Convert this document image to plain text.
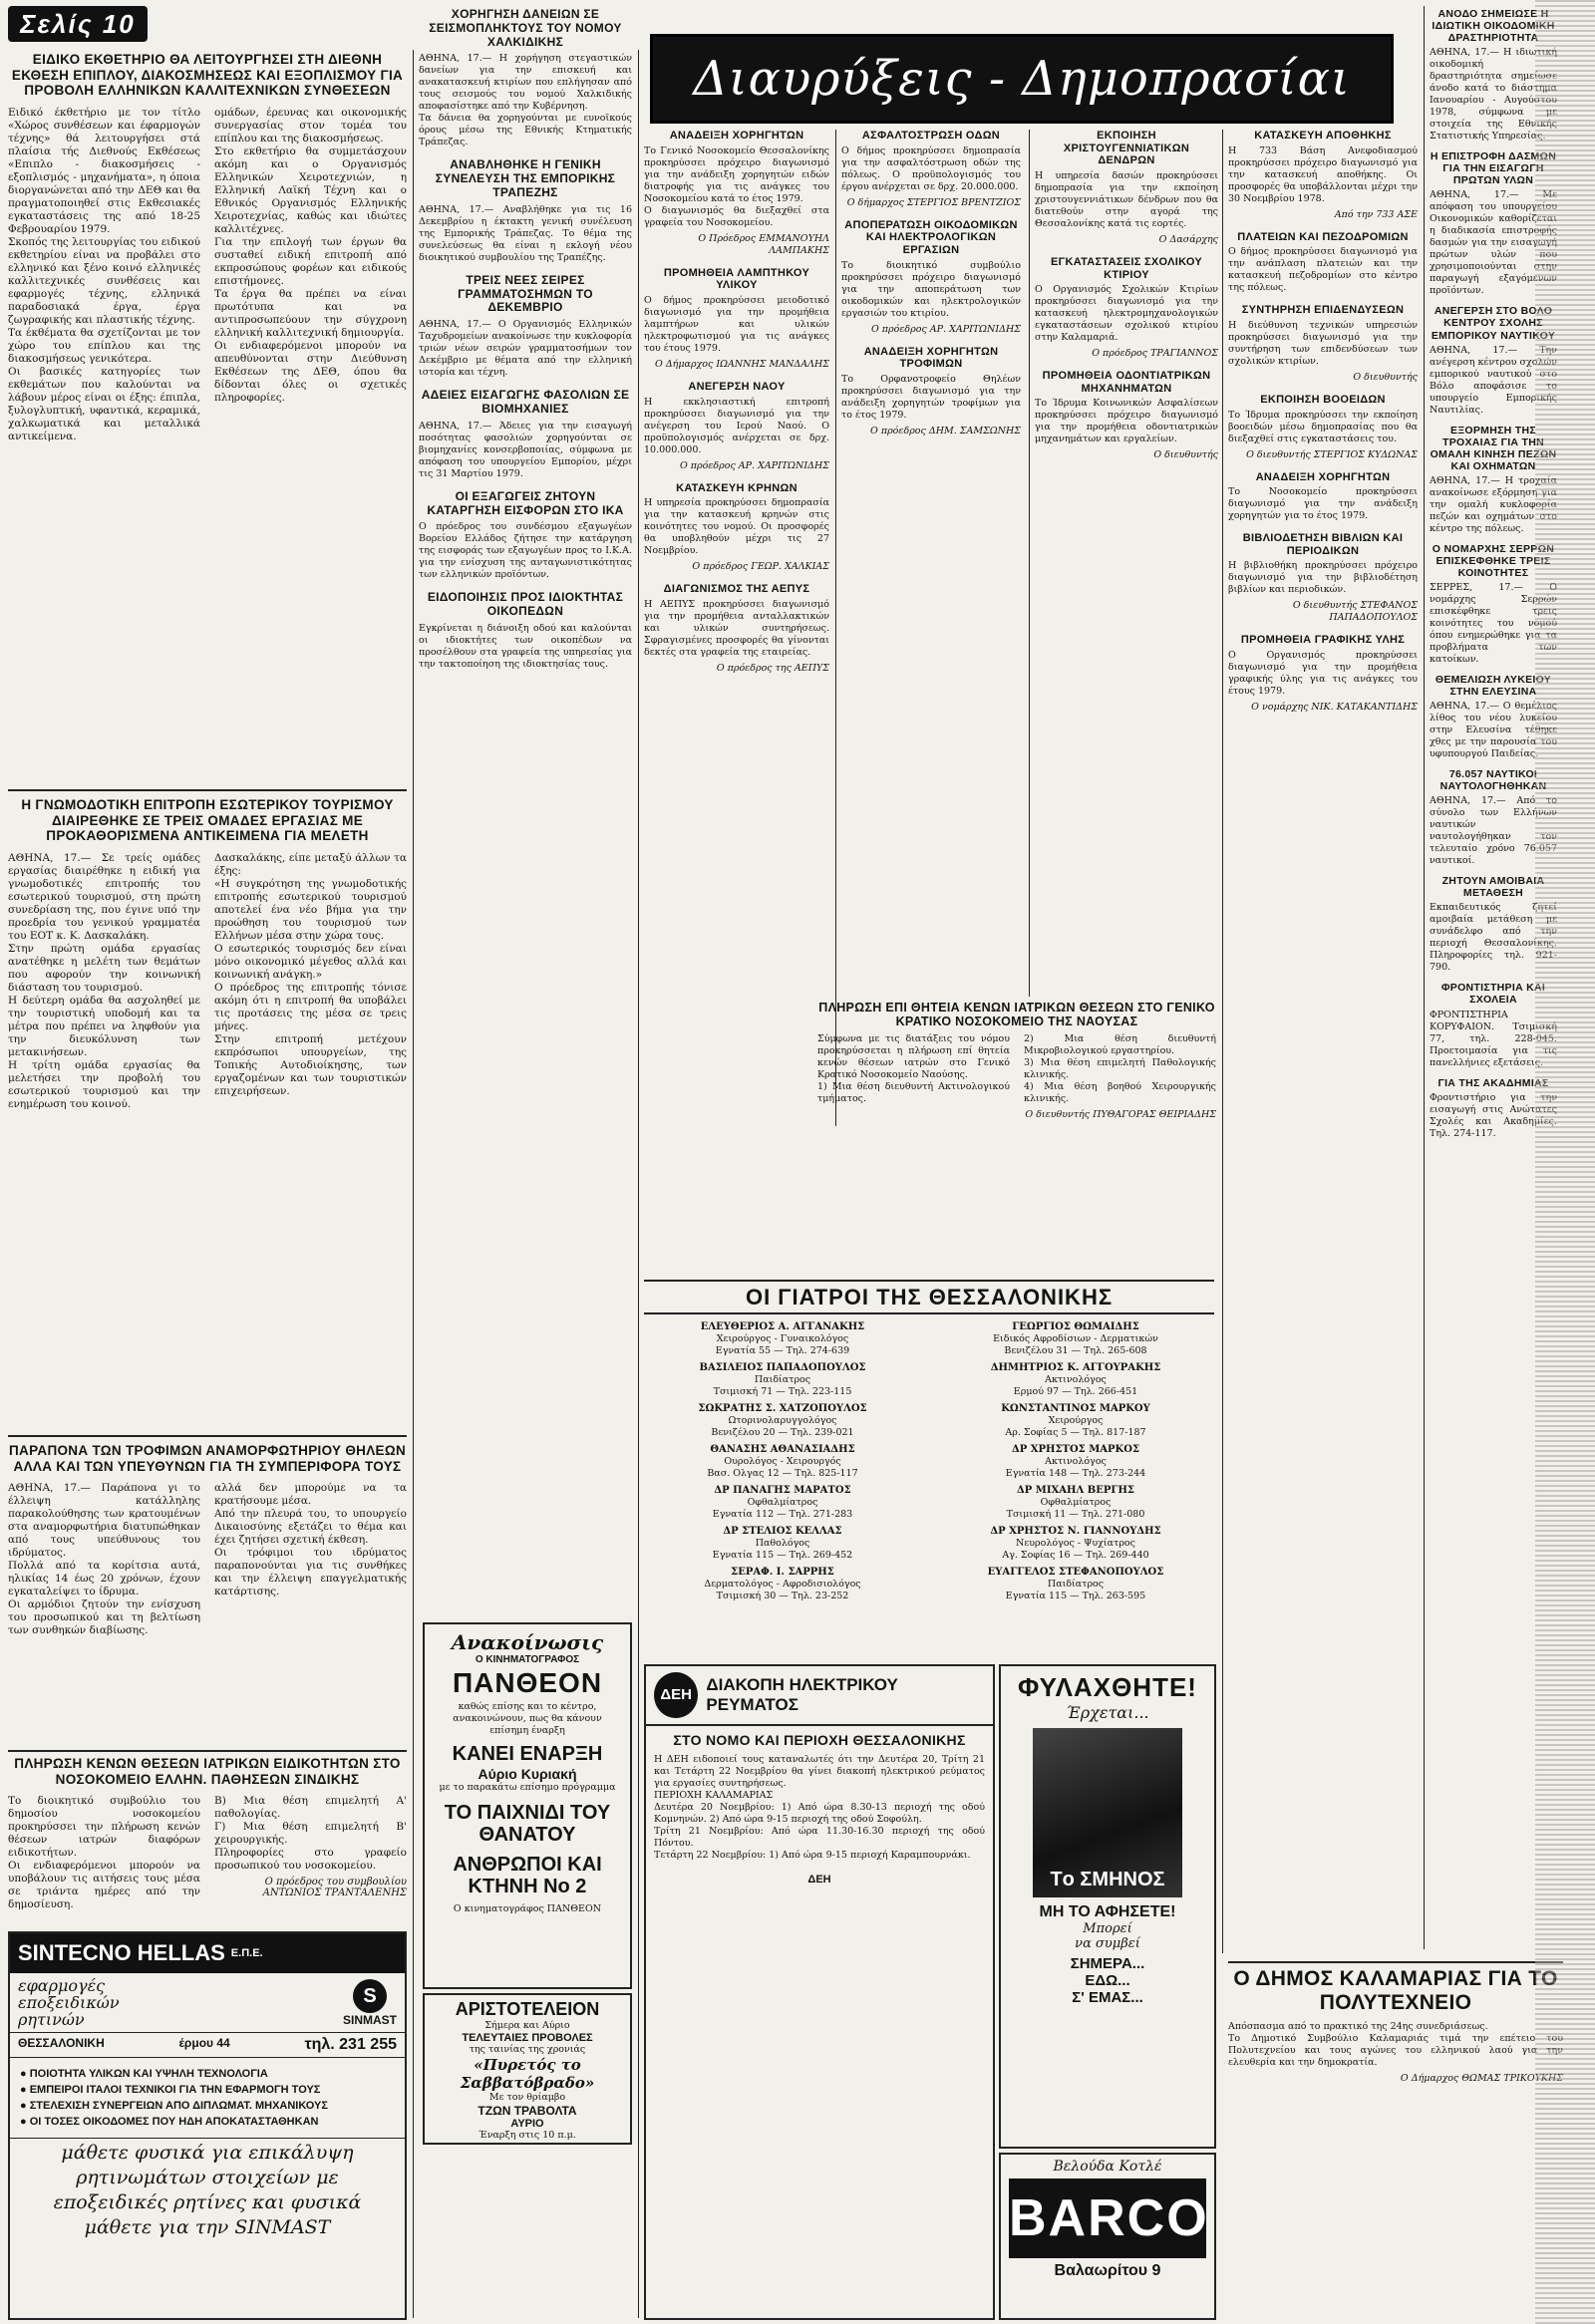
Σελίς 10
Διαυρύξεις - Δημοπρασίαι
ΕΙΔΙΚΟ ΕΚΘΕΤΗΡΙΟ ΘΑ ΛΕΙΤΟΥΡΓΗΣΕΙ ΣΤΗ ΔΙΕΘΝΗ ΕΚΘΕΣΗ ΕΠΙΠΛΟΥ, ΔΙΑΚΟΣΜΗΣΕΩΣ ΚΑΙ ΕΞΟΠΛΙΣΜΟΥ ΓΙΑ ΠΡΟΒΟΛΗ ΕΛΛΗΝΙΚΩΝ ΚΑΛΛΙΤΕΧΝΙΚΩΝ ΣΥΝΘΕΣΕΩΝ
Ειδικό έκθετήριο με τον τίτλο «Χώρος συνθέσεων και έφαρμογών τέχνης» θά λειτουργήσει στά πλαίσια τής Διεθνούς Εκθέσεως «Επιπλο - διακοσμήσεις - εξοπλισμός - μηχανήματα», η όποια διοργανώνεται από την ΔΕΘ και θα πραγματοποιηθεί στις Εκθεσιακές εγκαταστάσεις της από 18-25 Φεβρουαρίου 1979.
Σκοπός της λειτουργίας του ειδικού εκθετηρίου είναι να προβάλει στο ελληνικό και ξένο κοινό ελληνικές καλλιτεχνικές συνθέσεις και εφαρμογές τέχνης, ελληνικά παραδοσιακά έργα, έργα ζωγραφικής και πλαστικής τέχνης.
Τα έκθέματα θα σχετίζονται με τον χώρο του επίπλου και της διακοσμήσεως γενικότερα.
Οι βασικές κατηγορίες των εκθεμάτων που καλούνται να λάβουν μέρος είναι οι έξης: έπιπλα, ξυλογλυπτική, υφαντικά, κεραμικά, χαλκωματικά και μεταλλικά αντικείμενα.
ομάδων, έρευνας και οικονομικής συνεργασίας στον τομέα του επίπλου και της διακοσμήσεως.
Στο εκθετήριο θα συμμετάσχουν ακόμη και ο Οργανισμός Ελληνικών Χειροτεχνιών, η Ελληνική Λαϊκή Τέχνη και ο Εθνικός Οργανισμός Ελληνικής Χειροτεχνίας, καθώς και ιδιώτες καλλιτέχνες.
Για την επιλογή των έργων θα συσταθεί ειδική επιτροπή από εκπροσώπους φορέων και ειδικούς επιστήμονες.
Τα έργα θα πρέπει να είναι πρωτότυπα και να αντιπροσωπεύουν την σύγχρονη ελληνική καλλιτεχνική δημιουργία.
Οι ενδιαφερόμενοι μπορούν να απευθύνονται στην Διεύθυνση Εκθέσεων της ΔΕΘ, όπου θα δίδονται όλες οι σχετικές πληροφορίες.
Η ΓΝΩΜΟΔΟΤΙΚΗ ΕΠΙΤΡΟΠΗ ΕΣΩΤΕΡΙΚΟΥ ΤΟΥΡΙΣΜΟΥ ΔΙΑΙΡΕΘΗΚΕ ΣΕ ΤΡΕΙΣ ΟΜΑΔΕΣ ΕΡΓΑΣΙΑΣ ΜΕ ΠΡΟΚΑΘΟΡΙΣΜΕΝΑ ΑΝΤΙΚΕΙΜΕΝΑ ΓΙΑ ΜΕΛΕΤΗ
ΑΘΗΝΑ, 17.— Σε τρείς ομάδες εργασίας διαιρέθηκε η ειδική για γνωμοδοτικές επιτροπής του εσωτερικού τουρισμού, στη πρώτη συνεδρίαση της, που έγινε υπό την προεδρία του γενικού γραμματέα του ΕΟΤ κ. Κ. Δασκαλάκη.
Στην πρώτη ομάδα εργασίας ανατέθηκε η μελέτη των θεμάτων που αφορούν την κοινωνική διάσταση του τουρισμού.
Η δεύτερη ομάδα θα ασχοληθεί με την τουριστική υποδομή και τα μέτρα που πρέπει να ληφθούν για την διευκόλυνση των μετακινήσεων.
Η τρίτη ομάδα εργασίας θα μελετήσει την προβολή του εσωτερικού τουρισμού και την ενημέρωση του κοινού.
Δασκαλάκης, είπε μεταξύ άλλων τα έξης:
«Η συγκρότηση της γνωμοδοτικής επιτροπής εσωτερικού τουρισμού αποτελεί ένα νέο βήμα για την προώθηση του τουρισμού των Ελλήνων μέσα στην χώρα τους.
Ο εσωτερικός τουρισμός δεν είναι μόνο οικονομικό μέγεθος αλλά και κοινωνική ανάγκη.»
Ο πρόεδρος της επιτροπής τόνισε ακόμη ότι η επιτροπή θα υποβάλει τις προτάσεις της μέσα σε τρεις μήνες.
Στην επιτροπή μετέχουν εκπρόσωποι υπουργείων, της Τοπικής Αυτοδιοίκησης, των εργαζομένων και των τουριστικών επιχειρήσεων.
ΠΑΡΑΠΟΝΑ ΤΩΝ ΤΡΟΦΙΜΩΝ ΑΝΑΜΟΡΦΩΤΗΡΙΟΥ ΘΗΛΕΩΝ ΑΛΛΑ ΚΑΙ ΤΩΝ ΥΠΕΥΘΥΝΩΝ ΓΙΑ ΤΗ ΣΥΜΠΕΡΙΦΟΡΑ ΤΟΥΣ
ΑΘΗΝΑ, 17.— Παράπονα γι το έλλειψη κατάλληλης παρακολούθησης των κρατουμένων στα αναμορφωτήρια διατυπώθηκαν από τους υπεύθυνους του ιδρύματος.
Πολλά από τα κορίτσια αυτά, ηλικίας 14 έως 20 χρόνων, έχουν εγκαταλείψει το ίδρυμα.
Οι αρμόδιοι ζητούν την ενίσχυση του προσωπικού και τη βελτίωση των συνθηκών διαβίωσης.
αλλά δεν μπορούμε να τα κρατήσουμε μέσα.
Από την πλευρά του, το υπουργείο Δικαιοσύνης εξετάζει το θέμα και έχει ζητήσει σχετική έκθεση.
Οι τρόφιμοι του ιδρύματος παραπονούνται για τις συνθήκες και την έλλειψη επαγγελματικής κατάρτισης.
ΠΛΗΡΩΣΗ ΚΕΝΩΝ ΘΕΣΕΩΝ ΙΑΤΡΙΚΩΝ ΕΙΔΙΚΟΤΗΤΩΝ ΣΤΟ ΝΟΣΟΚΟΜΕΙΟ ΕΛΛΗΝ. ΠΑΘΗΣΕΩΝ ΣΙΝΔΙΚΗΣ
Το διοικητικό συμβούλιο του δημοσίου νοσοκομείου προκηρύσσει την πλήρωση κενών θέσεων ιατρών διαφόρων ειδικοτήτων.
Οι ενδιαφερόμενοι μπορούν να υποβάλουν τις αιτήσεις τους μέσα σε τριάντα ημέρες από την δημοσίευση.
Β) Μια θέση επιμελητή Α' παθολογίας.
Γ) Μια θέση επιμελητή Β' χειρουργικής.
Πληροφορίες στο γραφείο προσωπικού του νοσοκομείου.
Ο πρόεδρος του συμβουλίου ΑΝΤΩΝΙΟΣ ΤΡΑΝΤΑΛΕΝΗΣ
SINTECNO HELLAS E.Π.E.
εφαρμογές
εποξειδικών
ρητινών
S
SINMAST
ΘΕΣΣΑΛΟΝΙΚΗ	έρμου 44	τηλ. 231 255
● ΠΟΙΟΤΗΤΑ ΥΛΙΚΩΝ ΚΑΙ ΥΨΗΛΗ ΤΕΧΝΟΛΟΓΙΑ
● ΕΜΠΕΙΡΟΙ ΙΤΑΛΟΙ ΤΕΧΝΙΚΟΙ ΓΙΑ ΤΗΝ ΕΦΑΡΜΟΓΗ ΤΟΥΣ
● ΣΤΕΛΕΧΙΣΗ ΣΥΝΕΡΓΕΙΩΝ ΑΠΟ ΔΙΠΛΩΜΑΤ. ΜΗΧΑΝΙΚΟΥΣ
● ΟΙ ΤΟΣΕΣ ΟΙΚΟΔΟΜΕΣ ΠΟΥ ΗΔΗ ΑΠΟΚΑΤΑΣΤΑΘΗΚΑΝ
μάθετε φυσικά για επικάλυψη ρητινωμάτων στοιχείων με εποξειδικές ρητίνες και φυσικά μάθετε για την SINMAST
ΧΟΡΗΓΗΣΗ ΔΑΝΕΙΩΝ ΣΕ ΣΕΙΣΜΟΠΛΗΚΤΟΥΣ ΤΟΥ ΝΟΜΟΥ ΧΑΛΚΙΔΙΚΗΣ
ΑΘΗΝΑ, 17.— Η χορήγηση στεγαστικών δανείων για την επισκευή και ανακατασκευή κτιρίων που επλήγησαν από τους σεισμούς του νομού Χαλκιδικής αποφασίστηκε από την Κυβέρνηση.
Τα δάνεια θα χορηγούνται με ευνοϊκούς όρους μέσω της Εθνικής Κτηματικής Τράπεζας.
ΑΝΑΒΛΗΘΗΚΕ Η ΓΕΝΙΚΗ ΣΥΝΕΛΕΥΣΗ ΤΗΣ ΕΜΠΟΡΙΚΗΣ ΤΡΑΠΕΖΗΣ
ΑΘΗΝΑ, 17.— Αναβλήθηκε για τις 16 Δεκεμβρίου η έκτακτη γενική συνέλευση της Εμπορικής Τράπεζας. Το θέμα της συνελεύσεως θα είναι η εκλογή νέου διοικητικού συμβουλίου της Τραπέζης.
ΤΡΕΙΣ ΝΕΕΣ ΣΕΙΡΕΣ ΓΡΑΜΜΑΤΟΣΗΜΩΝ ΤΟ ΔΕΚΕΜΒΡΙΟ
ΑΘΗΝΑ, 17.— Ο Οργανισμός Ελληνικών Ταχυδρομείων ανακοίνωσε την κυκλοφορία τριών νέων σειρών γραμματοσήμων τον Δεκέμβριο με θέματα από την ελληνική ιστορία και τέχνη.
ΑΔΕΙΕΣ ΕΙΣΑΓΩΓΗΣ ΦΑΣΟΛΙΩΝ ΣΕ ΒΙΟΜΗΧΑΝΙΕΣ
ΑΘΗΝΑ, 17.— Άδειες για την εισαγωγή ποσότητας φασολιών χορηγούνται σε βιομηχανίες κονσερβοποιίας, σύμφωνα με απόφαση του υπουργείου Εμπορίου, μέχρι τις 31 Μαρτίου 1979.
ΟΙ ΕΞΑΓΩΓΕΙΣ ΖΗΤΟΥΝ ΚΑΤΑΡΓΗΣΗ ΕΙΣΦΟΡΩΝ ΣΤΟ ΙΚΑ
Ο πρόεδρος του συνδέσμου εξαγωγέων Βορείου Ελλάδος ζήτησε την κατάργηση της εισφοράς των εξαγωγέων προς το Ι.Κ.Α. για την ενίσχυση της ανταγωνιστικότητας των ελληνικών προϊόντων.
ΕΙΔΟΠΟΙΗΣΙΣ ΠΡΟΣ ΙΔΙΟΚΤΗΤΑΣ ΟΙΚΟΠΕΔΩΝ
Εγκρίνεται η διάνοιξη οδού και καλούνται οι ιδιοκτήτες των οικοπέδων να προσέλθουν στα γραφεία της υπηρεσίας για την τακτοποίηση της ιδιοκτησίας τους.
Ανακοίνωσις
Ο ΚΙΝΗΜΑΤΟΓΡΑΦΟΣ
ΠΑΝΘΕΟΝ
καθώς επίσης και το κέντρο, ανακοινώνουν, πως θα κάνουν επίσημη έναρξη
ΚΑΝΕΙ ΕΝΑΡΞΗ
Αύριο Κυριακή
με το παρακάτω επίσημο πρόγραμμα
ΤΟ ΠΑΙΧΝΙΔΙ ΤΟΥ ΘΑΝΑΤΟΥ
ΑΝΘΡΩΠΟΙ ΚΑΙ ΚΤΗΝΗ No 2
Ο κινηματογράφος ΠΑΝΘΕΟΝ
ΑΡΙΣΤΟΤΕΛΕΙΟΝ
Σήμερα και Αύριο
ΤΕΛΕΥΤΑΙΕΣ ΠΡΟΒΟΛΕΣ
της ταινίας της χρονιάς
«Πυρετός το Σαββατόβραδο»
Με τον θρίαμβο
ΤΖΩΝ ΤΡΑΒΟΛΤΑ
ΑΥΡΙΟ
Έναρξη στις 10 π.μ.
ΑΝΑΔΕΙΞΗ ΧΟΡΗΓΗΤΩΝ
Το Γενικό Νοσοκομείο Θεσσαλονίκης προκηρύσσει πρόχειρο διαγωνισμό για την ανάδειξη χορηγητών ειδών διατροφής για τις ανάγκες του Νοσοκομείου κατά το έτος 1979.
Ο διαγωνισμός θα διεξαχθεί στα γραφεία του Νοσοκομείου.
Ο Πρόεδρος ΕΜΜΑΝΟΥΗΛ ΛΑΜΠΑΚΗΣ
ΠΡΟΜΗΘΕΙΑ ΛΑΜΠΤΗΚΟΥ ΥΛΙΚΟΥ
Ο δήμος προκηρύσσει μειοδοτικό διαγωνισμό για την προμήθεια λαμπτήρων και υλικών ηλεκτροφωτισμού για τις ανάγκες του έτους 1979.
Ο Δήμαρχος ΙΩΑΝΝΗΣ ΜΑΝΔΑΛΗΣ
ΑΝΕΓΕΡΣΗ ΝΑΟΥ
Η εκκλησιαστική επιτροπή προκηρύσσει διαγωνισμό για την ανέγερση του Ιερού Ναού. Ο προϋπολογισμός ανέρχεται σε δρχ. 10.000.000.
Ο πρόεδρος ΑΡ. ΧΑΡΙΤΩΝΙΔΗΣ
ΚΑΤΑΣΚΕΥΗ ΚΡΗΝΩΝ
Η υπηρεσία προκηρύσσει δημοπρασία για την κατασκευή κρηνών στις κοινότητες του νομού. Οι προσφορές θα υποβληθούν μέχρι τις 27 Νοεμβρίου.
Ο πρόεδρος ΓΕΩΡ. ΧΑΛΚΙΑΣ
ΔΙΑΓΩΝΙΣΜΟΣ ΤΗΣ ΑΕΠΥΣ
Η ΑΕΠΥΣ προκηρύσσει διαγωνισμό για την προμήθεια ανταλλακτικών και υλικών συντηρήσεως. Σφραγισμένες προσφορές θα γίνονται δεκτές στα γραφεία της εταιρείας.
Ο πρόεδρος της ΑΕΠΥΣ
ΑΣΦΑΛΤΟΣΤΡΩΣΗ ΟΔΩΝ
Ο δήμος προκηρύσσει δημοπρασία για την ασφαλτόστρωση οδών της πόλεως. Ο προϋπολογισμός του έργου ανέρχεται σε δρχ. 20.000.000.
Ο δήμαρχος ΣΤΕΡΓΙΟΣ ΒΡΕΝΤΖΙΟΣ
ΑΠΟΠΕΡΑΤΩΣΗ ΟΙΚΟΔΟΜΙΚΩΝ ΚΑΙ ΗΛΕΚΤΡΟΛΟΓΙΚΩΝ ΕΡΓΑΣΙΩΝ
Το διοικητικό συμβούλιο προκηρύσσει πρόχειρο διαγωνισμό για την αποπεράτωση των οικοδομικών και ηλεκτρολογικών εργασιών του κτιρίου.
Ο πρόεδρος ΑΡ. ΧΑΡΙΤΩΝΙΔΗΣ
ΑΝΑΔΕΙΞΗ ΧΟΡΗΓΗΤΩΝ ΤΡΟΦΙΜΩΝ
Το Ορφανοτροφείο Θηλέων προκηρύσσει διαγωνισμό για την ανάδειξη χορηγητών τροφίμων για το έτος 1979.
Ο πρόεδρος ΔΗΜ. ΣΑΜΣΩΝΗΣ
ΠΛΗΡΩΣΗ ΕΠΙ ΘΗΤΕΙΑ ΚΕΝΩΝ ΙΑΤΡΙΚΩΝ ΘΕΣΕΩΝ ΣΤΟ ΓΕΝΙΚΟ ΚΡΑΤΙΚΟ ΝΟΣΟΚΟΜΕΙΟ ΤΗΣ ΝΑΟΥΣΑΣ
Σύμφωνα με τις διατάξεις του νόμου προκηρύσσεται η πλήρωση επί θητεία κενών θέσεων ιατρών στο Γενικό Κρατικό Νοσοκομείο Ναούσης.
1) Μια θέση διευθυντή Ακτινολογικού τμήματος.
2) Μια θέση διευθυντή Μικροβιολογικού εργαστηρίου.
3) Μια θέση επιμελητή Παθολογικής κλινικής.
4) Μια θέση βοηθού Χειρουργικής κλινικής.
Ο διευθυντής ΠΥΘΑΓΟΡΑΣ ΘΕΙΡΙΑΔΗΣ
ΟΙ ΓΙΑΤΡΟΙ ΤΗΣ ΘΕΣΣΑΛΟΝΙΚΗΣ
ΕΛΕΥΘΕΡΙΟΣ Α. ΑΓΓΑΝΑΚΗΣ
Χειρούργος - Γυναικολόγος
Εγνατία 55 — Τηλ. 274-639
ΒΑΣΙΛΕΙΟΣ ΠΑΠΑΔΟΠΟΥΛΟΣ
Παιδίατρος
Τσιμισκή 71 — Τηλ. 223-115
ΣΩΚΡΑΤΗΣ Σ. ΧΑΤΖΟΠΟΥΛΟΣ
Ωτορινολαρυγγολόγος
Βενιζέλου 20 — Τηλ. 239-021
ΘΑΝΑΣΗΣ ΑΘΑΝΑΣΙΑΔΗΣ
Ουρολόγος - Χειρουργός
Βασ. Ολγας 12 — Τηλ. 825-117
ΔΡ ΠΑΝΑΓΗΣ ΜΑΡΑΤΟΣ
Οφθαλμίατρος
Εγνατία 112 — Τηλ. 271-283
ΔΡ ΣΤΕΛΙΟΣ ΚΕΛΛΑΣ
Παθολόγος
Εγνατία 115 — Τηλ. 269-452
ΣΕΡΑΦ. Ι. ΣΑΡΡΗΣ
Δερματολόγος - Αφροδισιολόγος
Τσιμισκή 30 — Τηλ. 23-252
ΓΕΩΡΓΙΟΣ ΘΩΜΑΙΔΗΣ
Ειδικός Αφροδίσιων - Δερματικών
Βενιζέλου 31 — Τηλ. 265-608
ΔΗΜΗΤΡΙΟΣ Κ. ΑΓΓΟΥΡΑΚΗΣ
Ακτινολόγος
Ερμού 97 — Τηλ. 266-451
ΚΩΝΣΤΑΝΤΙΝΟΣ ΜΑΡΚΟΥ
Χειρούργος
Αρ. Σοφίας 5 — Τηλ. 817-187
ΔΡ ΧΡΗΣΤΟΣ ΜΑΡΚΟΣ
Ακτινολόγος
Εγνατία 148 — Τηλ. 273-244
ΔΡ ΜΙΧΑΗΛ ΒΕΡΓΗΣ
Οφθαλμίατρος
Τσιμισκή 11 — Τηλ. 271-080
ΔΡ ΧΡΗΣΤΟΣ Ν. ΓΙΑΝΝΟΥΔΗΣ
Νευρολόγος - Ψυχίατρος
Αγ. Σοφίας 16 — Τηλ. 269-440
ΕΥΑΓΓΕΛΟΣ ΣΤΕΦΑΝΟΠΟΥΛΟΣ
Παιδίατρος
Εγνατία 115 — Τηλ. 263-595
ΔΕΗ
ΔΙΑΚΟΠΗ ΗΛΕΚΤΡΙΚΟΥ ΡΕΥΜΑΤΟΣ
ΣΤΟ ΝΟΜΟ ΚΑΙ ΠΕΡΙΟΧΗ ΘΕΣΣΑΛΟΝΙΚΗΣ
Η ΔΕΗ ειδοποιεί τους καταναλωτές ότι την Δευτέρα 20, Τρίτη 21 και Τετάρτη 22 Νοεμβρίου θα γίνει διακοπή ηλεκτρικού ρεύματος για εργασίες συντηρήσεως.
ΠΕΡΙΟΧΗ ΚΑΛΑΜΑΡΙΑΣ
Δευτέρα 20 Νοεμβρίου: 1) Από ώρα 8.30-13 περιοχή της οδού Κομνηνών. 2) Από ώρα 9-15 περιοχή της οδού Σοφούλη.
Τρίτη 21 Νοεμβρίου: Από ώρα 11.30-16.30 περιοχή της οδού Πόντου.
Τετάρτη 22 Νοεμβρίου: 1) Από ώρα 9-15 περιοχή Καραμπουρνάκι.
ΔΕΗ
ΦΥΛΑΧΘΗΤΕ!
Έρχεται...
Tο ΣΜΗΝΟΣ
ΜΗ ΤΟ ΑΦΗΣΕΤΕ!
Μπορεί
να συμβεί
ΣΗΜΕΡΑ...
ΕΔΩ...
Σ' ΕΜΑΣ...
Βελούδα Κοτλέ
BARCO
Βαλαωρίτου 9
ΕΚΠΟΙΗΣΗ ΧΡΙΣΤΟΥΓΕΝΝΙΑΤΙΚΩΝ ΔΕΝΔΡΩΝ
Η υπηρεσία δασών προκηρύσσει δημοπρασία για την εκποίηση χριστουγεννιάτικων δένδρων που θα διατεθούν στην αγορά της Θεσσαλονίκης κατά τις εορτές.
Ο Δασάρχης
ΕΓΚΑΤΑΣΤΑΣΕΙΣ ΣΧΟΛΙΚΟΥ ΚΤΙΡΙΟΥ
Ο Οργανισμός Σχολικών Κτιρίων προκηρύσσει διαγωνισμό για την κατασκευή ηλεκτρομηχανολογικών εγκαταστάσεων σχολικού κτιρίου στην Καλαμαριά.
Ο πρόεδρος ΤΡΑΓΙΑΝΝΟΣ
ΠΡΟΜΗΘΕΙΑ ΟΔΟΝΤΙΑΤΡΙΚΩΝ ΜΗΧΑΝΗΜΑΤΩΝ
Το Ίδρυμα Κοινωνικών Ασφαλίσεων προκηρύσσει πρόχειρο διαγωνισμό για την προμήθεια οδοντιατρικών μηχανημάτων και εργαλείων.
Ο διευθυντής
ΚΑΤΑΣΚΕΥΗ ΑΠΟΘΗΚΗΣ
Η 733 Βάση Ανεφοδιασμού προκηρύσσει πρόχειρο διαγωνισμό για την κατασκευή αποθήκης. Οι προσφορές θα υποβάλλονται μέχρι την 30 Νοεμβρίου 1978.
Από την 733 ΑΣΕ
ΠΛΑΤΕΙΩΝ ΚΑΙ ΠΕΖΟΔΡΟΜΙΩΝ
Ο δήμος προκηρύσσει διαγωνισμό για την ανάπλαση πλατειών και την κατασκευή πεζοδρομίων στο κέντρο της πόλεως.
ΣΥΝΤΗΡΗΣΗ ΕΠΙΔΕΝΔΥΣΕΩΝ
Η διεύθυνση τεχνικών υπηρεσιών προκηρύσσει διαγωνισμό για την συντήρηση των επιδενδύσεων των σχολικών κτιρίων.
Ο διευθυντής
ΕΚΠΟΙΗΣΗ ΒΟΟΕΙΔΩΝ
Το Ίδρυμα προκηρύσσει την εκποίηση βοοειδών μέσω δημοπρασίας που θα διεξαχθεί στις εγκαταστάσεις του.
Ο διευθυντής ΣΤΕΡΓΙΟΣ ΚΥΔΩΝΑΣ
ΑΝΑΔΕΙΞΗ ΧΟΡΗΓΗΤΩΝ
Το Νοσοκομείο προκηρύσσει διαγωνισμό για την ανάδειξη χορηγητών για το έτος 1979.
ΒΙΒΛΙΟΔΕΤΗΣΗ ΒΙΒΛΙΩΝ ΚΑΙ ΠΕΡΙΟΔΙΚΩΝ
Η βιβλιοθήκη προκηρύσσει πρόχειρο διαγωνισμό για την βιβλιοδέτηση βιβλίων και περιοδικών.
Ο διευθυντής ΣΤΕΦΑΝΟΣ ΠΑΠΑΔΟΠΟΥΛΟΣ
ΠΡΟΜΗΘΕΙΑ ΓΡΑΦΙΚΗΣ ΥΛΗΣ
Ο Οργανισμός προκηρύσσει διαγωνισμό για την προμήθεια γραφικής ύλης για τις ανάγκες του έτους 1979.
Ο νομάρχης ΝΙΚ. ΚΑΤΑΚΑΝΤΙΔΗΣ
Ο ΔΗΜΟΣ ΚΑΛΑΜΑΡΙΑΣ ΓΙΑ ΤΟ ΠΟΛΥΤΕΧΝΕΙΟ
Απόσπασμα από το πρακτικό της 24ης συνεδριάσεως.
Το Δημοτικό Συμβούλιο Καλαμαριάς τιμά την επέτειο του Πολυτεχνείου και τους αγώνες του ελληνικού λαού για την ελευθερία και την δημοκρατία.
Ο Δήμαρχος ΘΩΜΑΣ ΤΡΙΚΟΥΚΗΣ
ΑΝΟΔΟ ΣΗΜΕΙΩΣΕ Η ΙΔΙΩΤΙΚΗ ΟΙΚΟΔΟΜΙΚΗ ΔΡΑΣΤΗΡΙΟΤΗΤΑ
ΑΘΗΝΑ, 17.— Η ιδιωτική οικοδομική δραστηριότητα σημείωσε άνοδο κατά το διάστημα Ιανουαρίου - Αυγούστου 1978, σύμφωνα με στοιχεία της Εθνικής Στατιστικής Υπηρεσίας.
Η ΕΠΙΣΤΡΟΦΗ ΔΑΣΜΩΝ ΓΙΑ ΤΗΝ ΕΙΣΑΓΩΓΗ ΠΡΩΤΩΝ ΥΛΩΝ
ΑΘΗΝΑ, 17.— Με απόφαση του υπουργείου Οικονομικών καθορίζεται η διαδικασία επιστροφής δασμών για την εισαγωγή πρώτων υλών που χρησιμοποιούνται στην παραγωγή εξαγόμενων προϊόντων.
ΑΝΕΓΕΡΣΗ ΣΤΟ ΒΟΛΟ ΚΕΝΤΡΟΥ ΣΧΟΛΗΣ ΕΜΠΟΡΙΚΟΥ ΝΑΥΤΙΚΟΥ
ΑΘΗΝΑ, 17.— Την ανέγερση κέντρου σχολών εμπορικού ναυτικού στο Βόλο αποφάσισε το υπουργείο Εμπορικής Ναυτιλίας.
ΕΞΟΡΜΗΣΗ ΤΗΣ ΤΡΟΧΑΙΑΣ ΓΙΑ ΤΗΝ ΟΜΑΛΗ ΚΙΝΗΣΗ ΠΕΖΩΝ ΚΑΙ ΟΧΗΜΑΤΩΝ
ΑΘΗΝΑ, 17.— Η τροχαία ανακοίνωσε εξόρμηση για την ομαλή κυκλοφορία πεζών και οχημάτων στο κέντρο της πόλεως.
Ο ΝΟΜΑΡΧΗΣ ΣΕΡΡΩΝ ΕΠΙΣΚΕΦΘΗΚΕ ΤΡΕΙΣ ΚΟΙΝΟΤΗΤΕΣ
ΣΕΡΡΕΣ, 17.— Ο νομάρχης Σερρών επισκέφθηκε τρεις κοινότητες του νομού όπου ενημερώθηκε για τα προβλήματα των κατοίκων.
ΘΕΜΕΛΙΩΣΗ ΛΥΚΕΙΟΥ ΣΤΗΝ ΕΛΕΥΣΙΝΑ
ΑΘΗΝΑ, 17.— Ο θεμέλιος λίθος του νέου λυκείου στην Ελευσίνα τέθηκε χθες με την παρουσία του υφυπουργού Παιδείας.
76.057 ΝΑΥΤΙΚΟΙ ΝΑΥΤΟΛΟΓΗΘΗΚΑΝ
ΑΘΗΝΑ, 17.— Από το σύνολο των Ελλήνων ναυτικών ναυτολογήθηκαν τον τελευταίο χρόνο 76.057 ναυτικοί.
ΖΗΤΟΥΝ ΑΜΟΙΒΑΙΑ ΜΕΤΑΘΕΣΗ
Εκπαιδευτικός ζητεί αμοιβαία μετάθεση με συνάδελφο από την περιοχή Θεσσαλονίκης. Πληροφορίες τηλ. 921-790.
ΦΡΟΝΤΙΣΤΗΡΙΑ ΚΑΙ ΣΧΟΛΕΙΑ
ΦΡΟΝΤΙΣΤΗΡΙΑ ΚΟΡΥΦΑΙΟΝ. Τσιμισκή 77, τηλ. 228-045. Προετοιμασία για τις πανελλήνιες εξετάσεις.
ΓΙΑ ΤΗΣ ΑΚΑΔΗΜΙΑΣ
Φροντιστήριο για την εισαγωγή στις Ανώτατες Σχολές και Ακαδημίες. Τηλ. 274-117.
